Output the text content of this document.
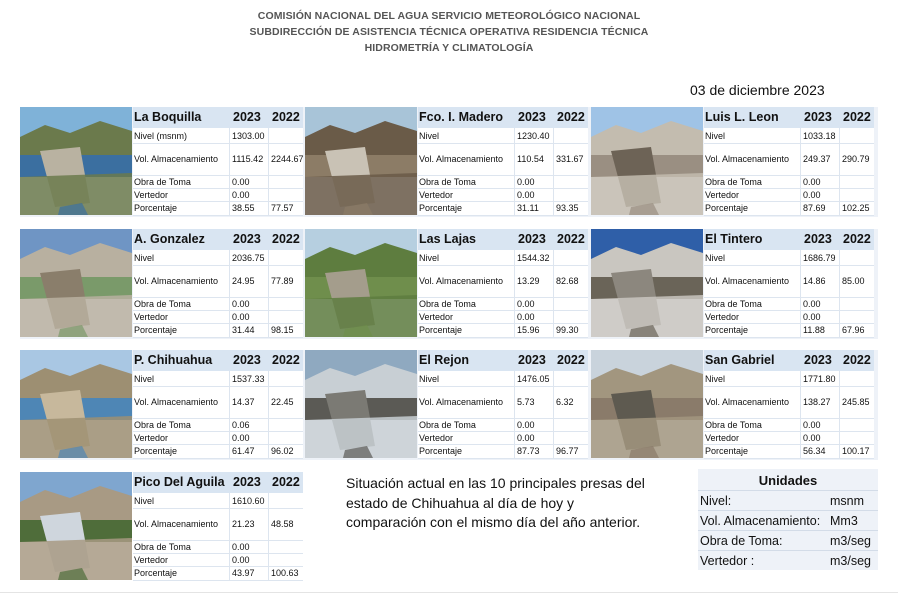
COMISIÓN NACIONAL DEL AGUA SERVICIO METEOROLÓGICO NACIONAL
SUBDIRECCIÓN DE ASISTENCIA TÉCNICA OPERATIVA RESIDENCIA TÉCNICA
HIDROMETRÍA Y CLIMATOLOGÍA
03 de diciembre 2023
La Boquilla	2023 2022
Nivel (msnm)	1303.00
Vol. Almacenamiento 1115.42 2244.67
Obra de Toma	0.00
Vertedor	0.00
Porcentaje	38.55 77.57
Fco. I. Madero 2023 2022
Nivel	1230.40
Vol. Almacenamiento 110.54 331.67
Obra de Toma	0.00
Vertedor	0.00
Porcentaje	31.11 93.35
Luis L. Leon 2023 2022
Nivel	1033.18
Vol. Almacenamiento 249.37 290.79
Obra de Toma	0.00
Vertedor	0.00
Porcentaje	87.69 102.25
A. Gonzalez 2023 2022
Nivel	2036.75
Vol. Almacenamiento 24.95 77.89
Obra de Toma	0.00
Vertedor	0.00
Porcentaje	31.44 98.15
Las Lajas	2023 2022
Nivel	1544.32
Vol. Almacenamiento 13.29 82.68
Obra de Toma	0.00
Vertedor	0.00
Porcentaje	15.96 99.30
El Tintero	2023 2022
Nivel	1686.79
Vol. Almacenamiento 14.86 85.00
Obra de Toma	0.00
Vertedor	0.00
Porcentaje	11.88 67.96
P. Chihuahua 2023 2022
Nivel	1537.33
Vol. Almacenamiento 14.37 22.45
Obra de Toma	0.06
Vertedor	0.00
Porcentaje	61.47 96.02
El Rejon	2023 2022
Nivel	1476.05
Vol. Almacenamiento 5.73 6.32
Obra de Toma	0.00
Vertedor	0.00
Porcentaje	87.73 96.77
San Gabriel 2023 2022
Nivel	1771.80
Vol. Almacenamiento 138.27 245.85
Obra de Toma	0.00
Vertedor	0.00
Porcentaje	56.34 100.17
Pico Del Aguila 2023 2022
Nivel	1610.60
Vol. Almacenamiento 21.23 48.58
Obra de Toma	0.00
Vertedor	0.00
Porcentaje	43.97 100.63
Situación actual en las 10 principales presas del estado de Chihuahua al día de hoy y comparación con el mismo día del año anterior.
Unidades
Nivel:	msnm
Vol. Almacenamiento: Mm3
Obra de Toma:	m3/seg
Vertedor :	m3/seg
